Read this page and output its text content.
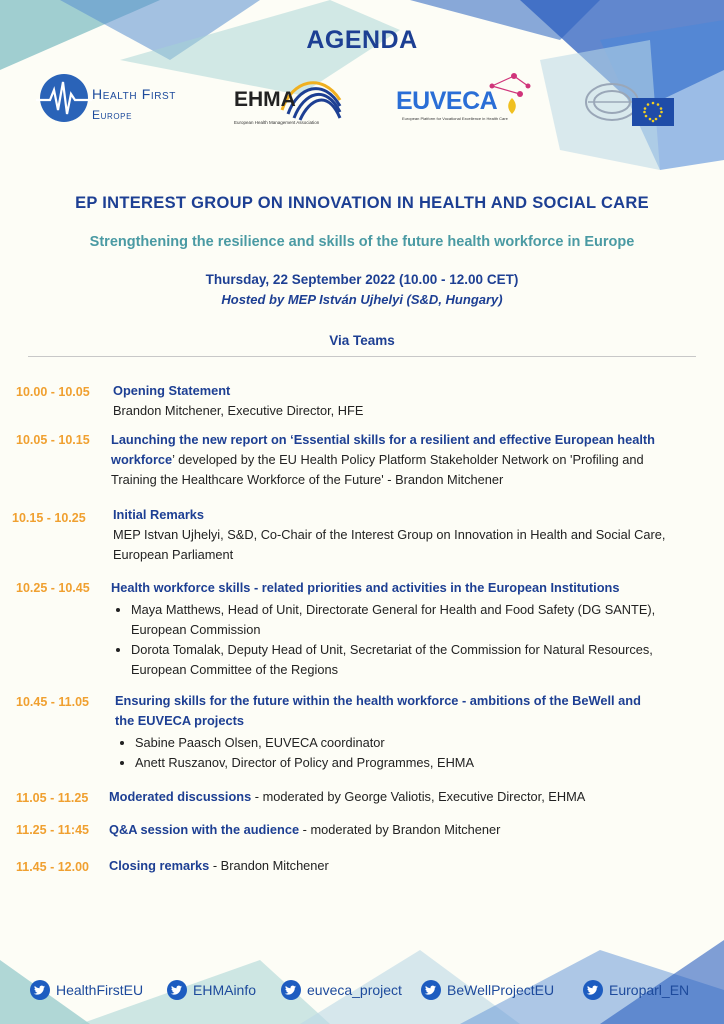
AGENDA
Health First
Europe
EHMA
European Health Management Association
EUVECA
European Platform for Vocational Excellence in Health Care
EP INTEREST GROUP ON INNOVATION IN HEALTH AND SOCIAL CARE
Strengthening the resilience and skills of the future health workforce in Europe
Thursday, 22 September 2022 (10.00 - 12.00 CET)
Hosted by MEP István Ujhelyi (S&D, Hungary)
Via Teams
10.00 - 10.05 Opening Statement
Brandon Mitchener, Executive Director, HFE
10.05 - 10.15 Launching the new report on ‘Essential skills for a resilient and effective European health workforce’ developed by the EU Health Policy Platform Stakeholder Network on 'Profiling and Training the Healthcare Workforce of the Future' - Brandon Mitchener
10.15 - 10.25 Initial Remarks
MEP Istvan Ujhelyi, S&D, Co-Chair of the Interest Group on Innovation in Health and Social Care, European Parliament
10.25 - 10.45 Health workforce skills - related priorities and activities in the European Institutions
• Maya Matthews, Head of Unit, Directorate General for Health and Food Safety (DG SANTE), European Commission
• Dorota Tomalak, Deputy Head of Unit, Secretariat of the Commission for Natural Resources, European Committee of the Regions
10.45 - 11.05 Ensuring skills for the future within the health workforce - ambitions of the BeWell and the EUVECA projects
• Sabine Paasch Olsen, EUVECA coordinator
• Anett Ruszanov, Director of Policy and Programmes, EHMA
11.05 - 11.25 Moderated discussions - moderated by George Valiotis, Executive Director, EHMA
11.25 - 11:45 Q&A session with the audience - moderated by Brandon Mitchener
11.45 - 12.00 Closing remarks - Brandon Mitchener
HealthFirstEU	EHMAinfo	euveca_project	BeWellProjectEU	Europarl_EN
